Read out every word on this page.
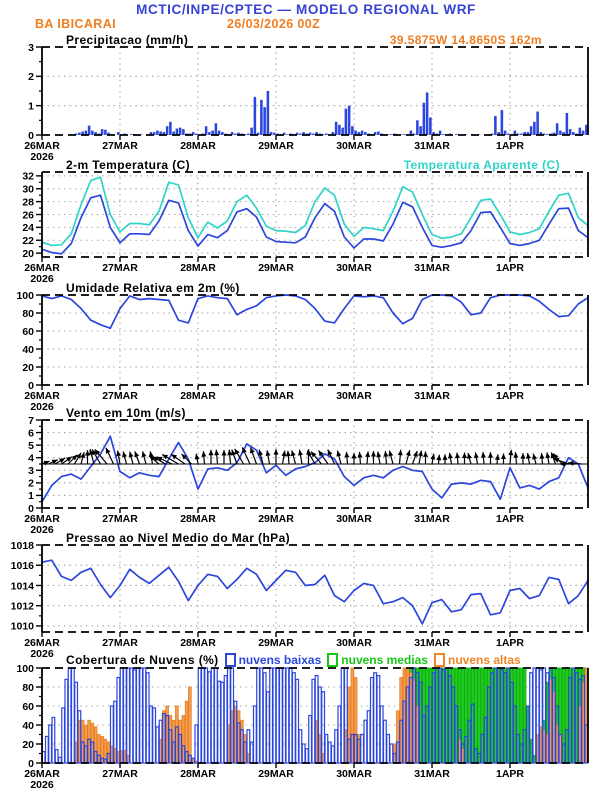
MCTIC/INPE/CPTEC — MODELO REGIONAL WRF
BA IBICARAI	26/03/2026 00Z
39.5875W 14.8650S 162m
Precipitacao (mm/h)
0
1
2
3
26MAR
2026
27MAR	28MAR	29MAR	30MAR	31MAR	1APR
2-m Temperatura (C)	Temperatura Aparente (C)
20
22
24
26
28
30
32
26MAR
2026
27MAR	28MAR	29MAR	30MAR	31MAR	1APR
Umidade Relativa em 2m (%)
0
20
40
60
80
100
26MAR
2026
27MAR	28MAR	29MAR	30MAR	31MAR	1APR
Vento em 10m (m/s)
0
1
2
3
4
5
6
7
26MAR
2026
27MAR	28MAR	29MAR	30MAR	31MAR	1APR
Pressao ao Nivel Medio do Mar (hPa)
1010
1012
1014
1016
1018
26MAR
2026
27MAR	28MAR	29MAR	30MAR	31MAR	1APR
Cobertura de Nuvens (%) nuvens baixas nuvens medias nuvens altas
0
20
40
60
80
100
26MAR
2026
27MAR	28MAR	29MAR	30MAR	31MAR	1APR
